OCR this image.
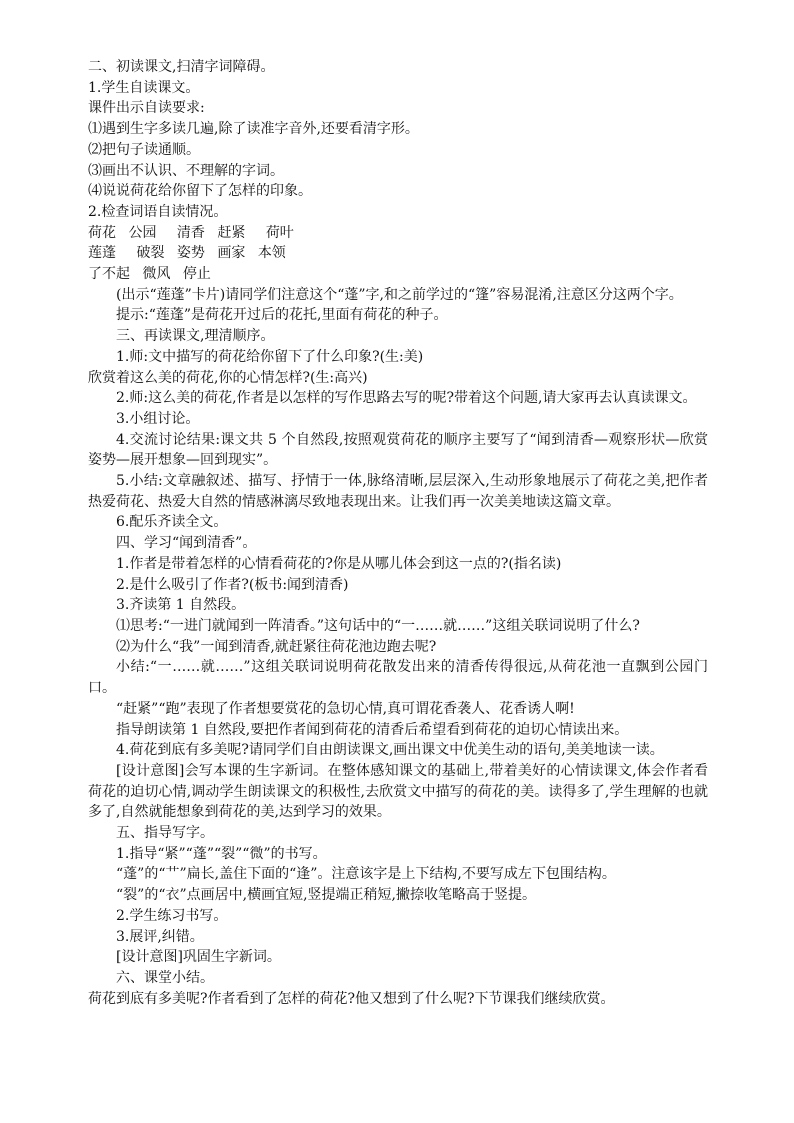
二、初读课文,扫清字词障碍。

1.学生自读课文。

课件出示自读要求:

⑴遇到生字多读几遍,除了读准字音外,还要看清字形。

⑵把句子读通顺。

⑶画出不认识、不理解的字词。

⑷说说荷花给你留下了怎样的印象。

2.检查词语自读情况。

荷花 公园 清香 赶紧 荷叶

莲蓬 破裂 姿势 画家 本领

了不起 微风 停止

(出示“莲蓬”卡片)请同学们注意这个“蓬”字,和之前学过的“篷”容易混淆,注意区分这两个字。

提示:“莲蓬”是荷花开过后的花托,里面有荷花的种子。

三、再读课文,理清顺序。

1.师:文中描写的荷花给你留下了什么印象?(生:美)

欣赏着这么美的荷花,你的心情怎样?(生:高兴)

2.师:这么美的荷花,作者是以怎样的写作思路去写的呢?带着这个问题,请大家再去认真读课文。

3.小组讨论。

4.交流讨论结果:课文共 5 个自然段,按照观赏荷花的顺序主要写了“闻到清香—观察形状—欣赏姿势—展开想象—回到现实”。

5.小结:文章融叙述、描写、抒情于一体,脉络清晰,层层深入,生动形象地展示了荷花之美,把作者热爱荷花、热爱大自然的情感淋漓尽致地表现出来。让我们再一次美美地读这篇文章。

6.配乐齐读全文。

四、学习“闻到清香”。

1.作者是带着怎样的心情看荷花的?你是从哪儿体会到这一点的?(指名读)

2.是什么吸引了作者?(板书:闻到清香)

3.齐读第 1 自然段。

⑴思考:“一进门就闻到一阵清香。”这句话中的“一……就……”这组关联词说明了什么?

⑵为什么“我”一闻到清香,就赶紧往荷花池边跑去呢?

小结:“一……就……”这组关联词说明荷花散发出来的清香传得很远,从荷花池一直飘到公园门口。

“赶紧”“跑”表现了作者想要赏花的急切心情,真可谓花香袭人、花香诱人啊!

指导朗读第 1 自然段,要把作者闻到荷花的清香后希望看到荷花的迫切心情读出来。

4.荷花到底有多美呢?请同学们自由朗读课文,画出课文中优美生动的语句,美美地读一读。

[设计意图]会写本课的生字新词。在整体感知课文的基础上,带着美好的心情读课文,体会作者看荷花的迫切心情,调动学生朗读课文的积极性,去欣赏文中描写的荷花的美。读得多了,学生理解的也就多了,自然就能想象到荷花的美,达到学习的效果。

五、指导写字。

1.指导“紧”“蓬”“裂”“微”的书写。

“蓬”的“艹”扁长,盖住下面的“逢”。注意该字是上下结构,不要写成左下包围结构。

“裂”的“衣”点画居中,横画宜短,竖提端正稍短,撇捺收笔略高于竖提。

2.学生练习书写。

3.展评,纠错。

[设计意图]巩固生字新词。

六、课堂小结。

荷花到底有多美呢?作者看到了怎样的荷花?他又想到了什么呢?下节课我们继续欣赏。
